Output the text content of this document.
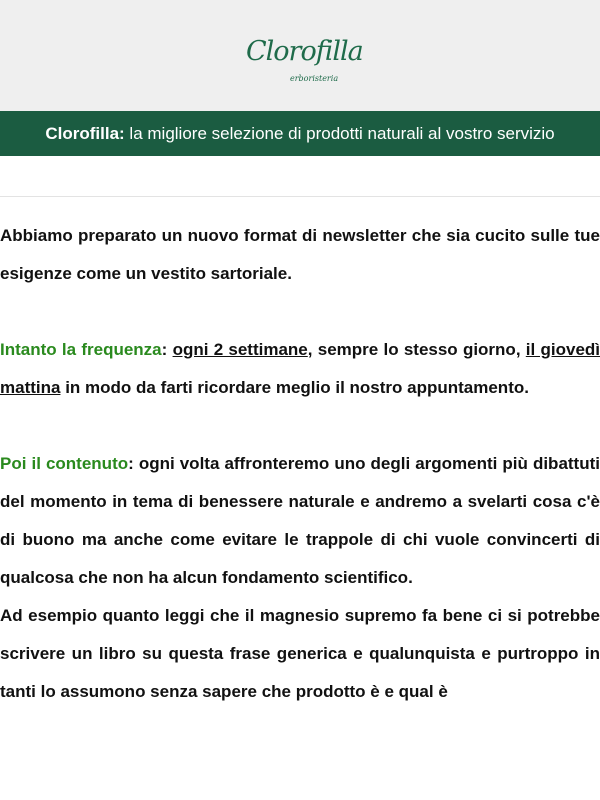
Clorofilla
erboristeria
Clorofilla: la migliore selezione di prodotti naturali al vostro servizio

Abbiamo preparato un nuovo format di newsletter che sia cucito sulle tue esigenze come un vestito sartoriale.

Intanto la frequenza: ogni 2 settimane, sempre lo stesso giorno, il giovedì mattina in modo da farti ricordare meglio il nostro appuntamento.

Poi il contenuto: ogni volta affronteremo uno degli argomenti più dibattuti del momento in tema di benessere naturale e andremo a svelarti cosa c'è di buono ma anche come evitare le trappole di chi vuole convincerti di qualcosa che non ha alcun fondamento scientifico.

Ad esempio quanto leggi che il magnesio supremo fa bene ci si potrebbe scrivere un libro su questa frase generica e qualunquista e purtroppo in tanti lo assumono senza sapere che prodotto è e qual è
